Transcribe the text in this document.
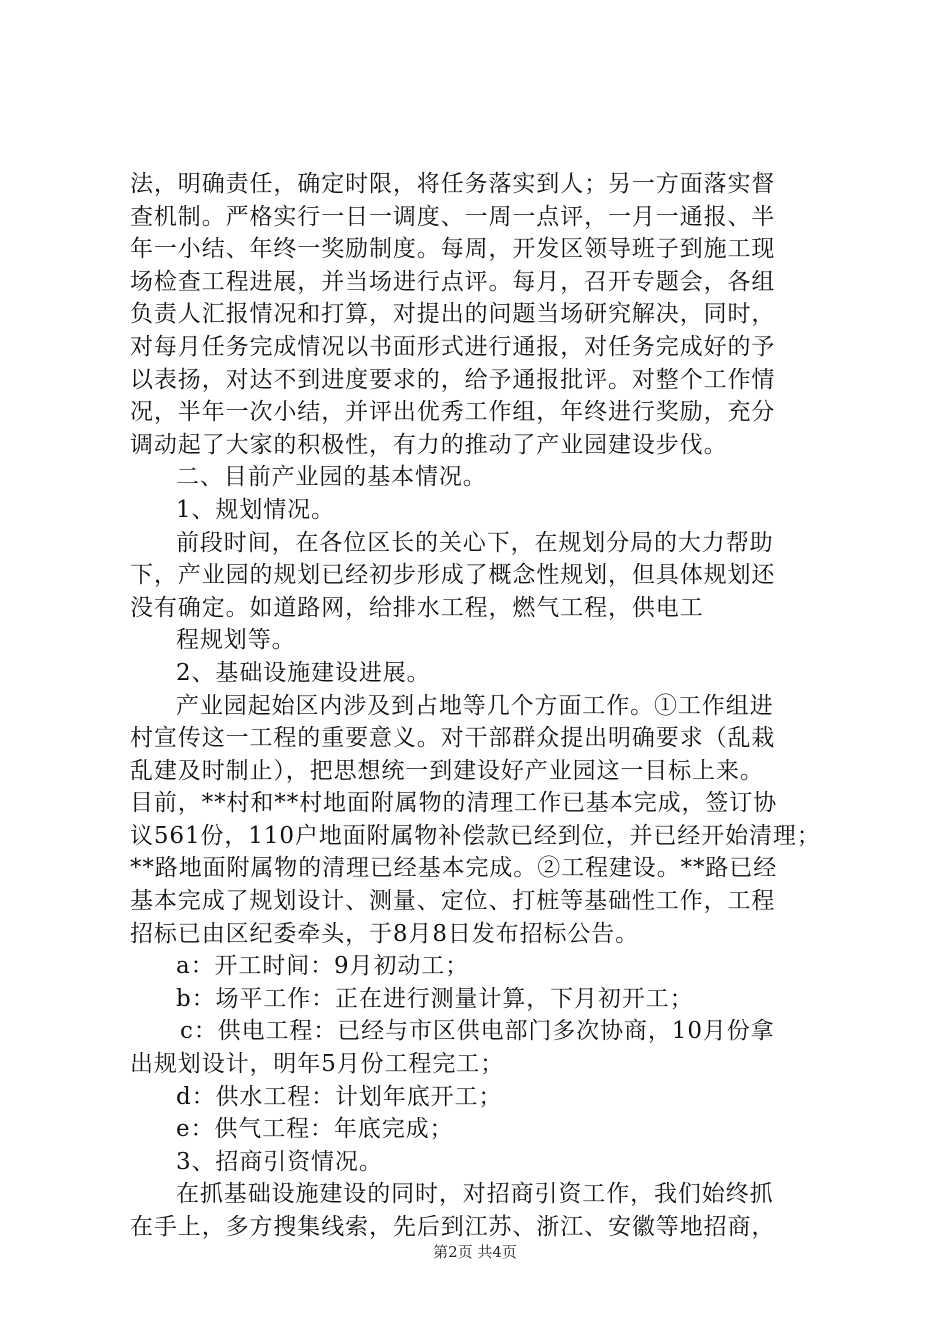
法，明确责任，确定时限，将任务落实到人；另一方面落实督
查机制。严格实行一日一调度、一周一点评，一月一通报、半
年一小结、年终一奖励制度。每周，开发区领导班子到施工现
场检查工程进展，并当场进行点评。每月，召开专题会，各组
负责人汇报情况和打算，对提出的问题当场研究解决，同时，
对每月任务完成情况以书面形式进行通报，对任务完成好的予
以表扬，对达不到进度要求的，给予通报批评。对整个工作情
况，半年一次小结，并评出优秀工作组，年终进行奖励，充分
调动起了大家的积极性，有力的推动了产业园建设步伐。
二、目前产业园的基本情况。
1、规划情况。
前段时间，在各位区长的关心下，在规划分局的大力帮助
下，产业园的规划已经初步形成了概念性规划，但具体规划还
没有确定。如道路网，给排水工程，燃气工程，供电工
程规划等。
2、基础设施建设进展。
产业园起始区内涉及到占地等几个方面工作。①工作组进
村宣传这一工程的重要意义。对干部群众提出明确要求（乱栽
乱建及时制止），把思想统一到建设好产业园这一目标上来。
目前，**村和**村地面附属物的清理工作已基本完成，签订协
议561份，110户地面附属物补偿款已经到位，并已经开始清理；
**路地面附属物的清理已经基本完成。②工程建设。**路已经
基本完成了规划设计、测量、定位、打桩等基础性工作，工程
招标已由区纪委牵头，于8月8日发布招标公告。
a：开工时间：9月初动工；
b：场平工作：正在进行测量计算，下月初开工；
c：供电工程：已经与市区供电部门多次协商，10月份拿
出规划设计，明年5月份工程完工；
d：供水工程：计划年底开工；
e：供气工程：年底完成；
3、招商引资情况。
在抓基础设施建设的同时，对招商引资工作，我们始终抓
在手上，多方搜集线索，先后到江苏、浙江、安徽等地招商，
第2页 共4页
